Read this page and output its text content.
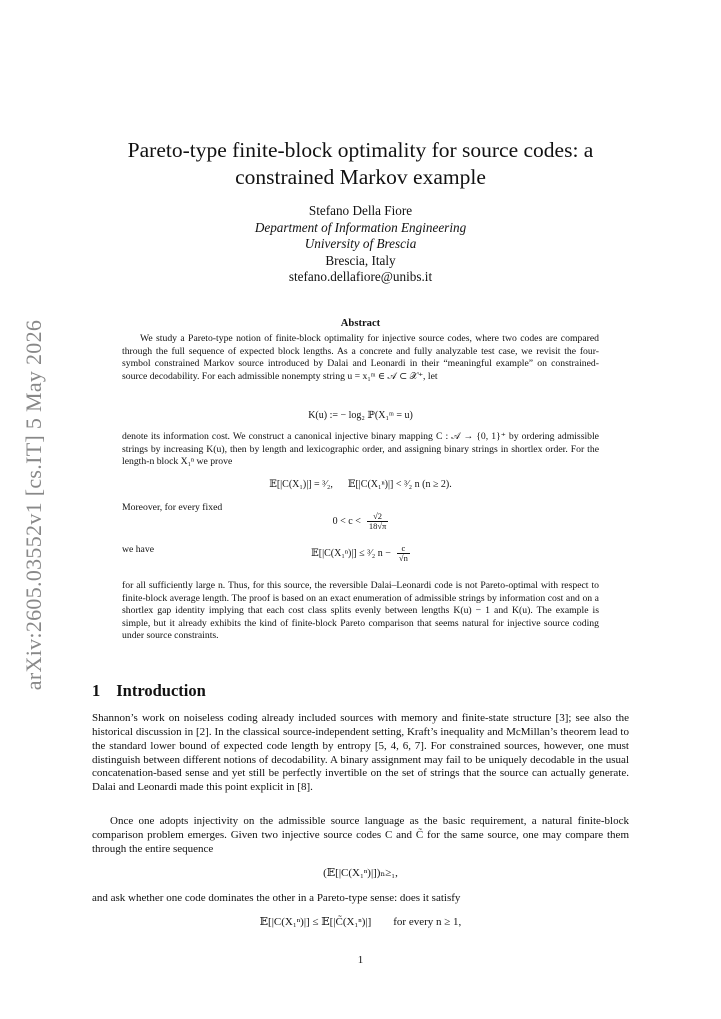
arXiv:2605.03552v1 [cs.IT] 5 May 2026
Pareto-type finite-block optimality for source codes: a
constrained Markov example
Stefano Della Fiore
Department of Information Engineering
University of Brescia
Brescia, Italy
stefano.dellafiore@unibs.it
Abstract

We study a Pareto-type notion of finite-block optimality for injective source codes, where two codes are compared through the full sequence of expected block lengths. As a concrete and fully analyzable test case, we revisit the four-symbol constrained Markov source introduced by Dalai and Leonardi in their “meaningful example” on constrained-source decodability. For each admissible nonempty string u = x₁ᵐ ∈ 𝒜 ⊂ 𝒳⁺, let

K(u) := − log₂ ℙ(X₁ᵐ = u)

denote its information cost. We construct a canonical injective binary mapping C : 𝒜 → {0, 1}⁺ by ordering admissible strings by increasing K(u), then by length and lexicographic order, and assigning binary strings in shortlex order. For the length-n block X₁ⁿ we prove

𝔼[|C(X₁)|] = ³⁄₂, 𝔼[|C(X₁ⁿ)|] < ³⁄₂ n (n ≥ 2).

Moreover, for every fixed

$0 < c < \frac{√2}{18√\pi}$

we have	𝔼[|C(X₁ⁿ)|] ≤ ³⁄₂ $n - \frac{c}{√n}$

for all sufficiently large n. Thus, for this source, the reversible Dalai–Leonardi code is not Pareto-optimal with respect to finite-block average length. The proof is based on an exact enumeration of admissible strings by information cost and on a shortlex gap identity implying that each cost class splits evenly between lengths K(u) − 1 and K(u). The example is simple, but it already exhibits the kind of finite-block Pareto comparison that seems natural for injective source coding under source constraints.

1 Introduction

Shannon’s work on noiseless coding already included sources with memory and finite-state structure [3]; see also the historical discussion in [2]. In the classical source-independent setting, Kraft’s inequality and McMillan’s theorem lead to the standard lower bound of expected code length by entropy [5, 4, 6, 7]. For constrained sources, however, one must distinguish between different notions of decodability. A binary assignment may fail to be uniquely decodable in the usual concatenation-based sense and yet still be perfectly invertible on the set of strings that the source can actually generate. Dalai and Leonardi made this point explicit in [8].

Once one adopts injectivity on the admissible source language as the basic requirement, a natural finite-block comparison problem emerges. Given two injective source codes C and C̃ for the same source, one may compare them through the entire sequence

(𝔼[|C(X₁ⁿ)|])ₙ≥₁,

and ask whether one code dominates the other in a Pareto-type sense: does it satisfy

𝔼[|C(X₁ⁿ)|] ≤ 𝔼[|C̃(X₁ⁿ)|] for every n ≥ 1,
1
